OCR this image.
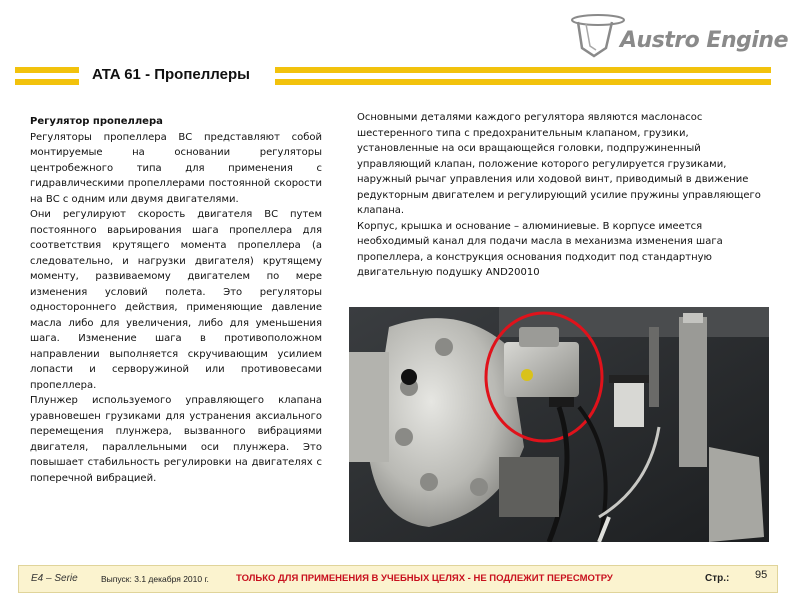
Austro Engine
ATA 61 - Пропеллеры

Регулятор пропеллера

Регуляторы пропеллера ВС представляют собой монтируемые на основании регуляторы центробежного типа для применения с гидравлическими пропеллерами постоянной скорости на ВС с одним или двумя двигателями.

Они регулируют скорость двигателя ВС путем постоянного варьирования шага пропеллера для соответствия крутящего момента пропеллера (а следовательно, и нагрузки двигателя) крутящему моменту, развиваемому двигателем по мере изменения условий полета. Это регуляторы одностороннего действия, применяющие давление масла либо для увеличения, либо для уменьшения шага. Изменение шага в противоположном направлении выполняется скручивающим усилием лопасти и серворужиной или противовесами пропеллера.

Плунжер используемого управляющего клапана уравновешен грузиками для устранения аксиального перемещения плунжера, вызванного вибрациями двигателя, параллельными оси плунжера. Это повышает стабильность регулировки на двигателях с поперечной вибрацией.

Основными деталями каждого регулятора являются маслонасос шестеренного типа с предохранительным клапаном, грузики, установленные на оси вращающейся головки, подпружиненный управляющий клапан, положение которого регулируется грузиками, наружный рычаг управления или ходовой винт, приводимый в движение редукторным двигателем и регулирующий усилие пружины управляющего клапана.

Корпус, крышка и основание – алюминиевые. В корпусе имеется необходимый канал для подачи масла в механизма изменения шага пропеллера, а конструкция основания подходит под стандартную двигательную подушку AND20010

E4 – Serie	Выпуск: 3.1 декабря 2010 г.	ТОЛЬКО ДЛЯ ПРИМЕНЕНИЯ В УЧЕБНЫХ ЦЕЛЯХ - НЕ ПОДЛЕЖИТ ПЕРЕСМОТРУ	Стр.: 95
